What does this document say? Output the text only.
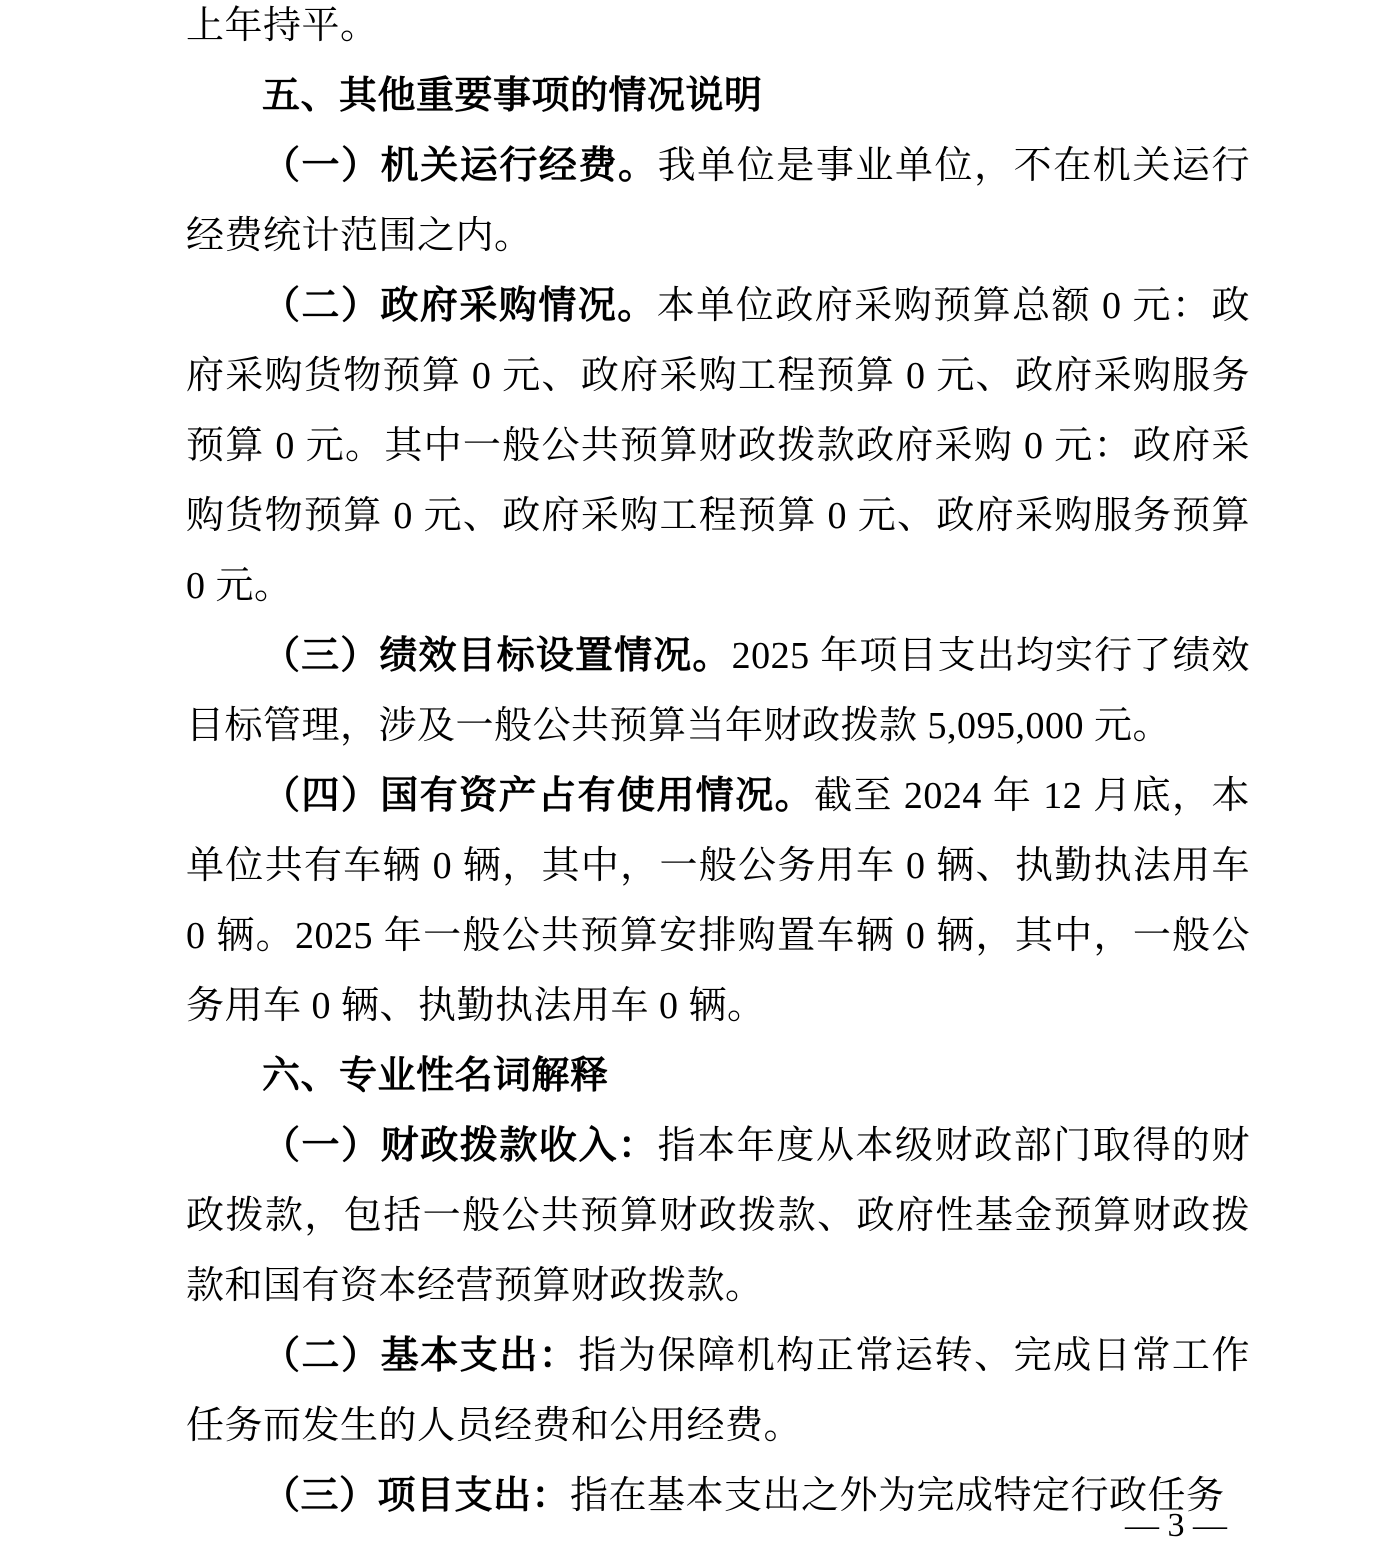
上年持平。

五、其他重要事项的情况说明

（一）机关运行经费。我单位是事业单位，不在机关运行经费统计范围之内。

（二）政府采购情况。本单位政府采购预算总额 0 元：政府采购货物预算 0 元、政府采购工程预算 0 元、政府采购服务预算 0 元。其中一般公共预算财政拨款政府采购 0 元：政府采购货物预算 0 元、政府采购工程预算 0 元、政府采购服务预算 0 元。

（三）绩效目标设置情况。2025 年项目支出均实行了绩效目标管理，涉及一般公共预算当年财政拨款 5,095,000 元。

（四）国有资产占有使用情况。截至 2024 年 12 月底，本单位共有车辆 0 辆，其中，一般公务用车 0 辆、执勤执法用车 0 辆。2025 年一般公共预算安排购置车辆 0 辆，其中，一般公务用车 0 辆、执勤执法用车 0 辆。

六、专业性名词解释

（一）财政拨款收入：指本年度从本级财政部门取得的财政拨款，包括一般公共预算财政拨款、政府性基金预算财政拨款和国有资本经营预算财政拨款。

（二）基本支出：指为保障机构正常运转、完成日常工作任务而发生的人员经费和公用经费。

（三）项目支出：指在基本支出之外为完成特定行政任务

— 3 —
